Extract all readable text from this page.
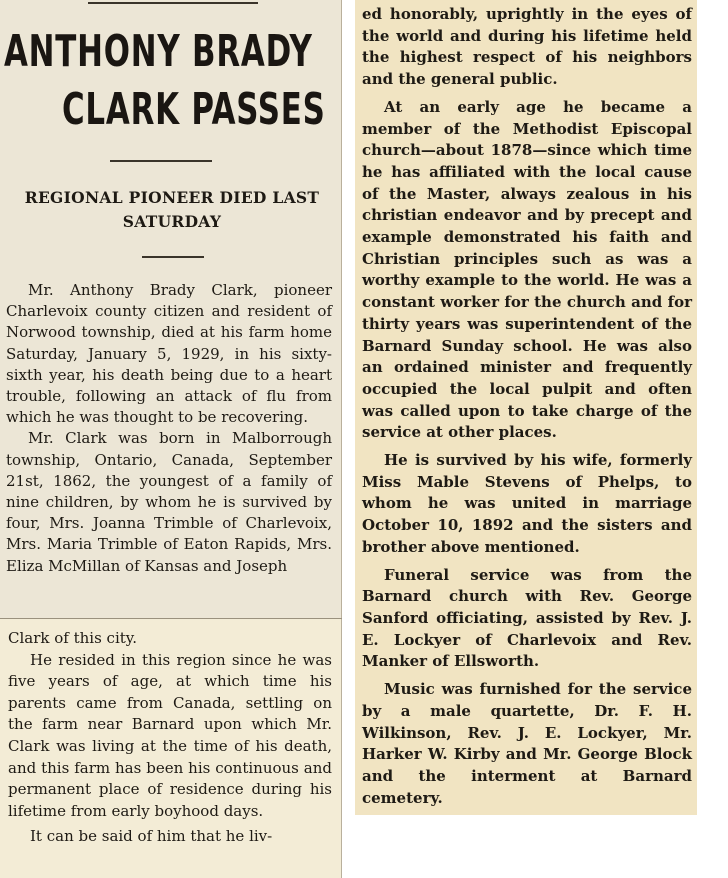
ANTHONY BRADY
CLARK PASSES
REGIONAL PIONEER DIED LAST SATURDAY

Mr. Anthony Brady Clark, pioneer Charlevoix county citizen and resident of Norwood township, died at his farm home Saturday, January 5, 1929, in his sixty-sixth year, his death being due to a heart trouble, following an attack of flu from which he was thought to be recovering.

Mr. Clark was born in Malborrough township, Ontario, Canada, September 21st, 1862, the youngest of a family of nine children, by whom he is survived by four, Mrs. Joanna Trimble of Charlevoix, Mrs. Maria Trimble of Eaton Rapids, Mrs. Eliza McMillan of Kansas and Joseph

Clark of this city.

He resided in this region since he was five years of age, at which time his parents came from Canada, settling on the farm near Barnard upon which Mr. Clark was living at the time of his death, and this farm has been his continuous and permanent place of residence during his lifetime from early boyhood days.

It can be said of him that he liv-

ed honorably, uprightly in the eyes of the world and during his lifetime held the highest respect of his neighbors and the general public.

At an early age he became a member of the Methodist Episcopal church—about 1878—since which time he has affiliated with the local cause of the Master, always zealous in his christian endeavor and by precept and example demonstrated his faith and Christian principles such as was a worthy example to the world. He was a constant worker for the church and for thirty years was superintendent of the Barnard Sunday school. He was also an ordained minister and frequently occupied the local pulpit and often was called upon to take charge of the service at other places.

He is survived by his wife, formerly Miss Mable Stevens of Phelps, to whom he was united in marriage October 10, 1892 and the sisters and brother above mentioned.

Funeral service was from the Barnard church with Rev. George Sanford officiating, assisted by Rev. J. E. Lockyer of Charlevoix and Rev. Manker of Ellsworth.

Music was furnished for the service by a male quartette, Dr. F. H. Wilkinson, Rev. J. E. Lockyer, Mr. Harker W. Kirby and Mr. George Block and the interment at Barnard cemetery.
